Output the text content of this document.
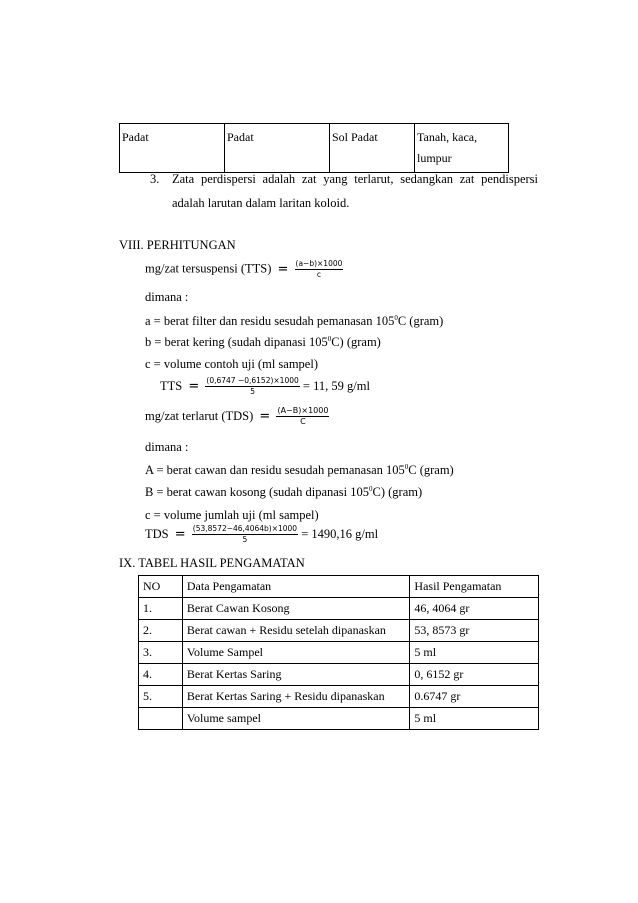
Padat	Padat	Sol Padat	Tanah, kaca,
lumpur
3. Zata perdispersi adalah zat yang terlarut, sedangkan zat pendispersi
adalah larutan dalam laritan koloid.
VIII. PERHITUNGAN
mg/zat tersuspensi $(TTS) = \frac{(a-b)\times 1000}{c}$
dimana :
a = berat filter dan residu sesudah pemanasan $105^0C$ (gram)
b = berat kering (sudah dipanasi $105^0C$) (gram)
c = volume contoh uji (ml sampel)
TTS = $\frac{(0,6747 -0,6152)\times 1000}{5} = 11$, 59 g/ml
mg/zat terlarut $(TDS) = \frac{(A-B)\times 1000}{C}$
dimana :
A = berat cawan dan residu sesudah pemanasan $105^0C$ (gram)
B = berat cawan kosong (sudah dipanasi $105^0C$) (gram)
c = volume jumlah uji (ml sampel)
TDS = $\frac{(53,8572-46,4064b)\times 1000}{5} = 1490,16$ g/ml
IX. TABEL HASIL PENGAMATAN
NO	Data Pengamatan	Hasil Pengamatan
1.	Berat Cawan Kosong	46, 4064 gr
2.	Berat cawan + Residu setelah dipanaskan	53, 8573 gr
3.	Volume Sampel	5 ml
4.	Berat Kertas Saring	0, 6152 gr
5.	Berat Kertas Saring + Residu dipanaskan	0.6747 gr
	Volume sampel	5 ml
